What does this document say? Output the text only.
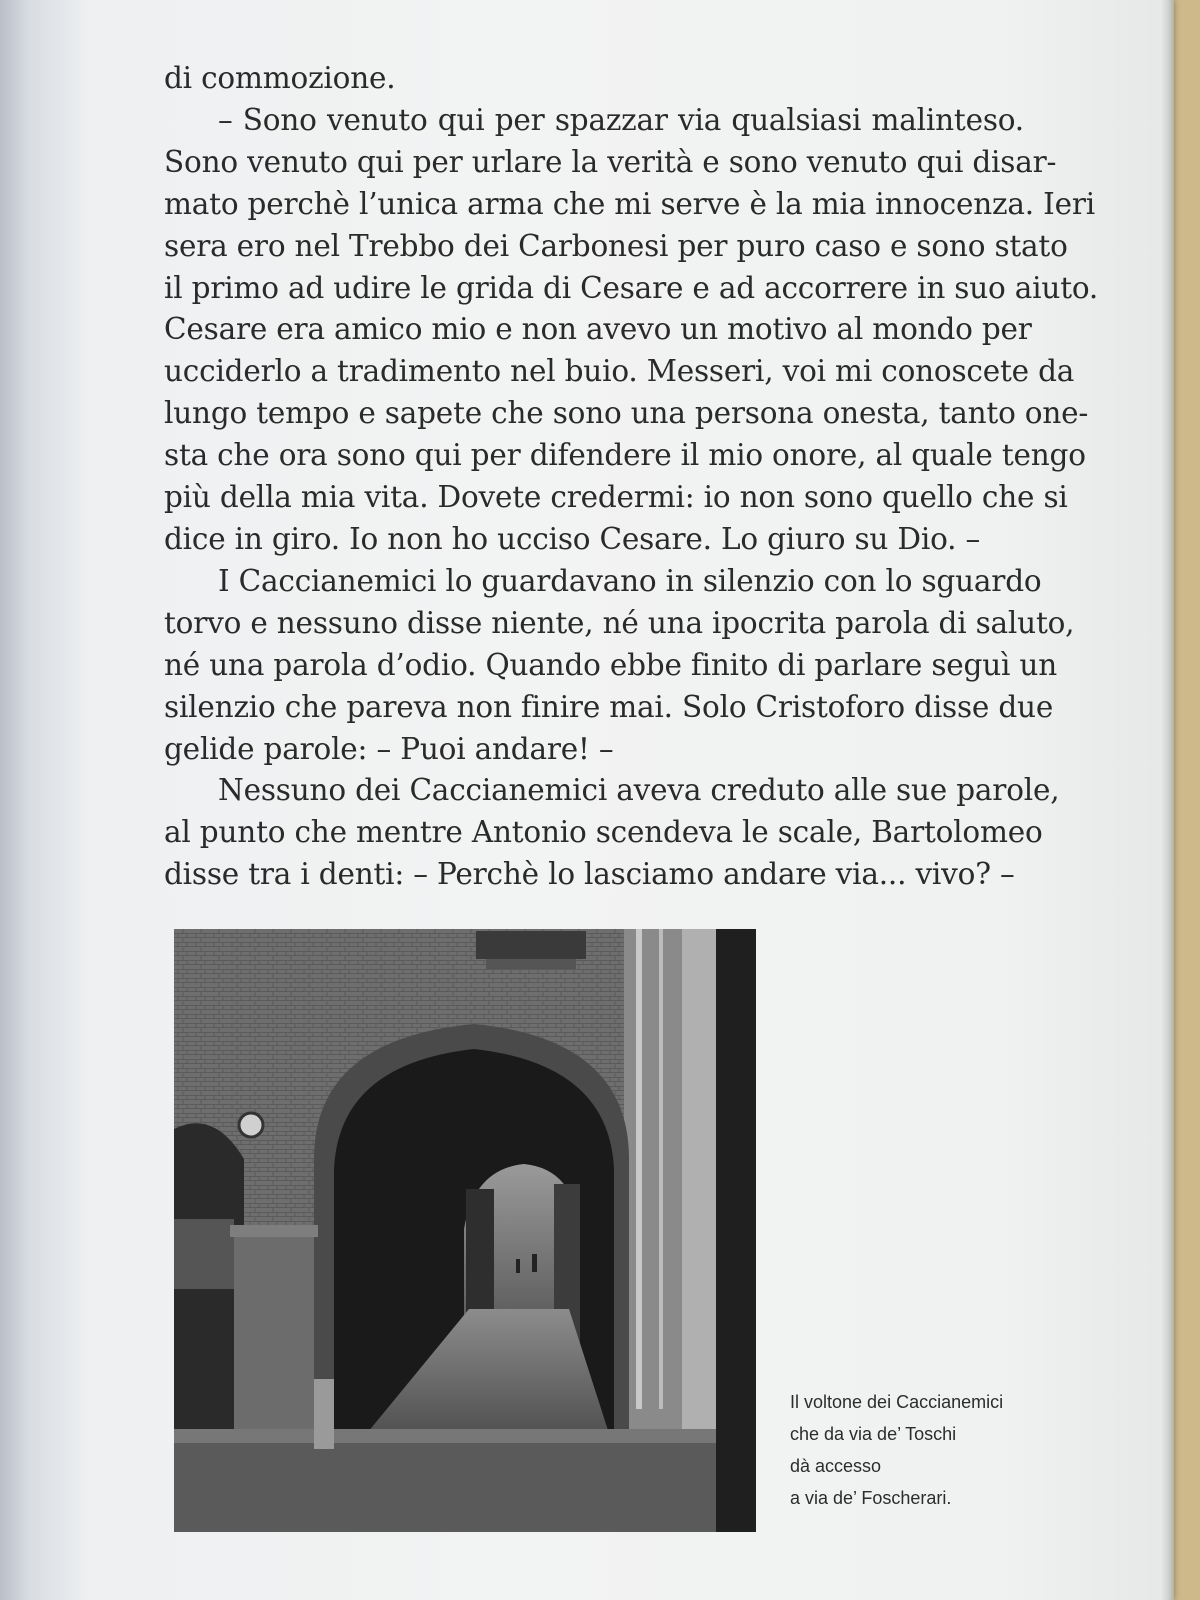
di commozione.
– Sono venuto qui per spazzar via qualsiasi malinteso.
Sono venuto qui per urlare la verità e sono venuto qui disar-
mato perchè l’unica arma che mi serve è la mia innocenza. Ieri
sera ero nel Trebbo dei Carbonesi per puro caso e sono stato
il primo ad udire le grida di Cesare e ad accorrere in suo aiuto.
Cesare era amico mio e non avevo un motivo al mondo per
ucciderlo a tradimento nel buio. Messeri, voi mi conoscete da
lungo tempo e sapete che sono una persona onesta, tanto one-
sta che ora sono qui per difendere il mio onore, al quale tengo
più della mia vita. Dovete credermi: io non sono quello che si
dice in giro. Io non ho ucciso Cesare. Lo giuro su Dio. –
I Caccianemici lo guardavano in silenzio con lo sguardo
torvo e nessuno disse niente, né una ipocrita parola di saluto,
né una parola d’odio. Quando ebbe finito di parlare seguì un
silenzio che pareva non finire mai. Solo Cristoforo disse due
gelide parole: – Puoi andare! –
Nessuno dei Caccianemici aveva creduto alle sue parole,
al punto che mentre Antonio scendeva le scale, Bartolomeo
disse tra i denti: – Perchè lo lasciamo andare via... vivo? –
Il voltone dei Caccianemici
che da via de’ Toschi
dà accesso
a via de’ Foscherari.
